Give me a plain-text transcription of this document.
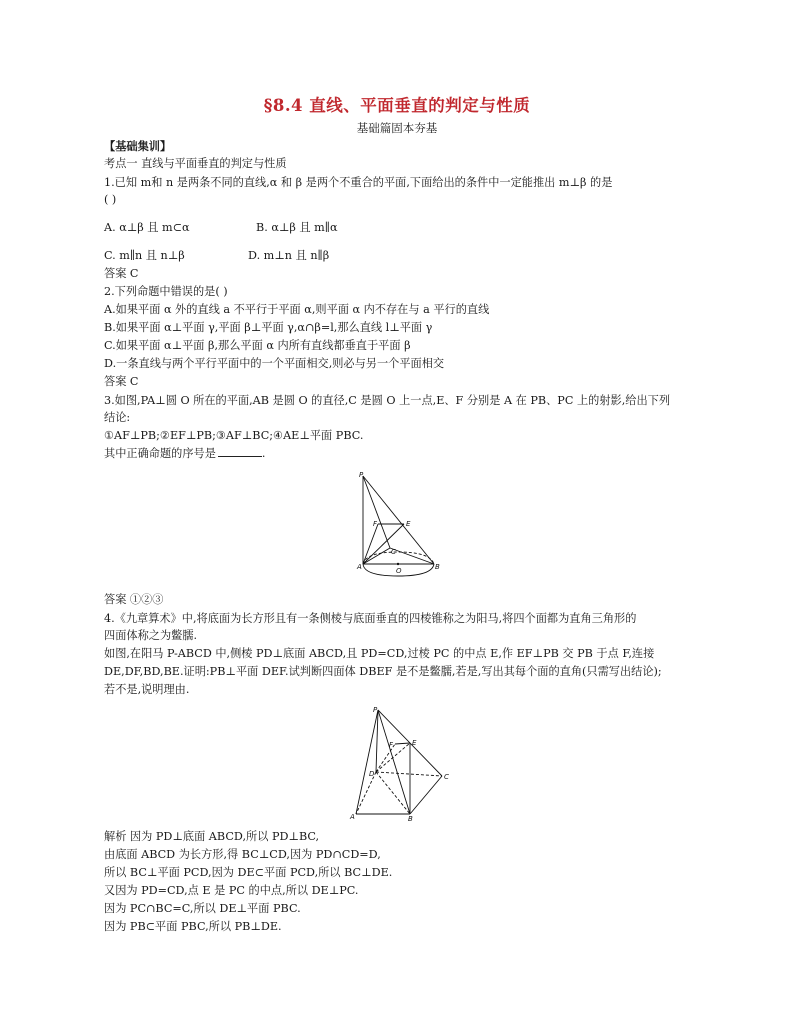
§8.4 直线、平面垂直的判定与性质
基础篇固本夯基
【基础集训】
考点一 直线与平面垂直的判定与性质
1.已知 m和 n 是两条不同的直线,α 和 β 是两个不重合的平面,下面给出的条件中一定能推出 m⊥β 的是
( )
A. α⊥β 且 m⊂α	B. α⊥β 且 m∥α
C. m∥n 且 n⊥β	D. m⊥n 且 n∥β
答案 C
2.下列命题中错误的是( )
A.如果平面 α 外的直线 a 不平行于平面 α,则平面 α 内不存在与 a 平行的直线
B.如果平面 α⊥平面 γ,平面 β⊥平面 γ,α∩β=l,那么直线 l⊥平面 γ
C.如果平面 α⊥平面 β,那么平面 α 内所有直线都垂直于平面 β
D.一条直线与两个平行平面中的一个平面相交,则必与另一个平面相交
答案 C
3.如图,PA⊥圆 O 所在的平面,AB 是圆 O 的直径,C 是圆 O 上一点,E、F 分别是 A 在 PB、PC 上的射影,给出下列
结论:
①AF⊥PB;②EF⊥PB;③AF⊥BC;④AE⊥平面 PBC.
其中正确命题的序号是	.
P
F	E
C
A	O	B
答案 ①②③
4.《九章算术》中,将底面为长方形且有一条侧棱与底面垂直的四棱锥称之为阳马,将四个面都为直角三角形的
四面体称之为鳖臑.
如图,在阳马 P-ABCD 中,侧棱 PD⊥底面 ABCD,且 PD=CD,过棱 PC 的中点 E,作 EF⊥PB 交 PB 于点 F,连接
DE,DF,BD,BE.证明:PB⊥平面 DEF.试判断四面体 DBEF 是不是鳖臑,若是,写出其每个面的直角(只需写出结论);
若不是,说明理由.
P
F	E
D	C
A	B
解析 因为 PD⊥底面 ABCD,所以 PD⊥BC,
由底面 ABCD 为长方形,得 BC⊥CD,因为 PD∩CD=D,
所以 BC⊥平面 PCD,因为 DE⊂平面 PCD,所以 BC⊥DE.
又因为 PD=CD,点 E 是 PC 的中点,所以 DE⊥PC.
因为 PC∩BC=C,所以 DE⊥平面 PBC.
因为 PB⊂平面 PBC,所以 PB⊥DE.
